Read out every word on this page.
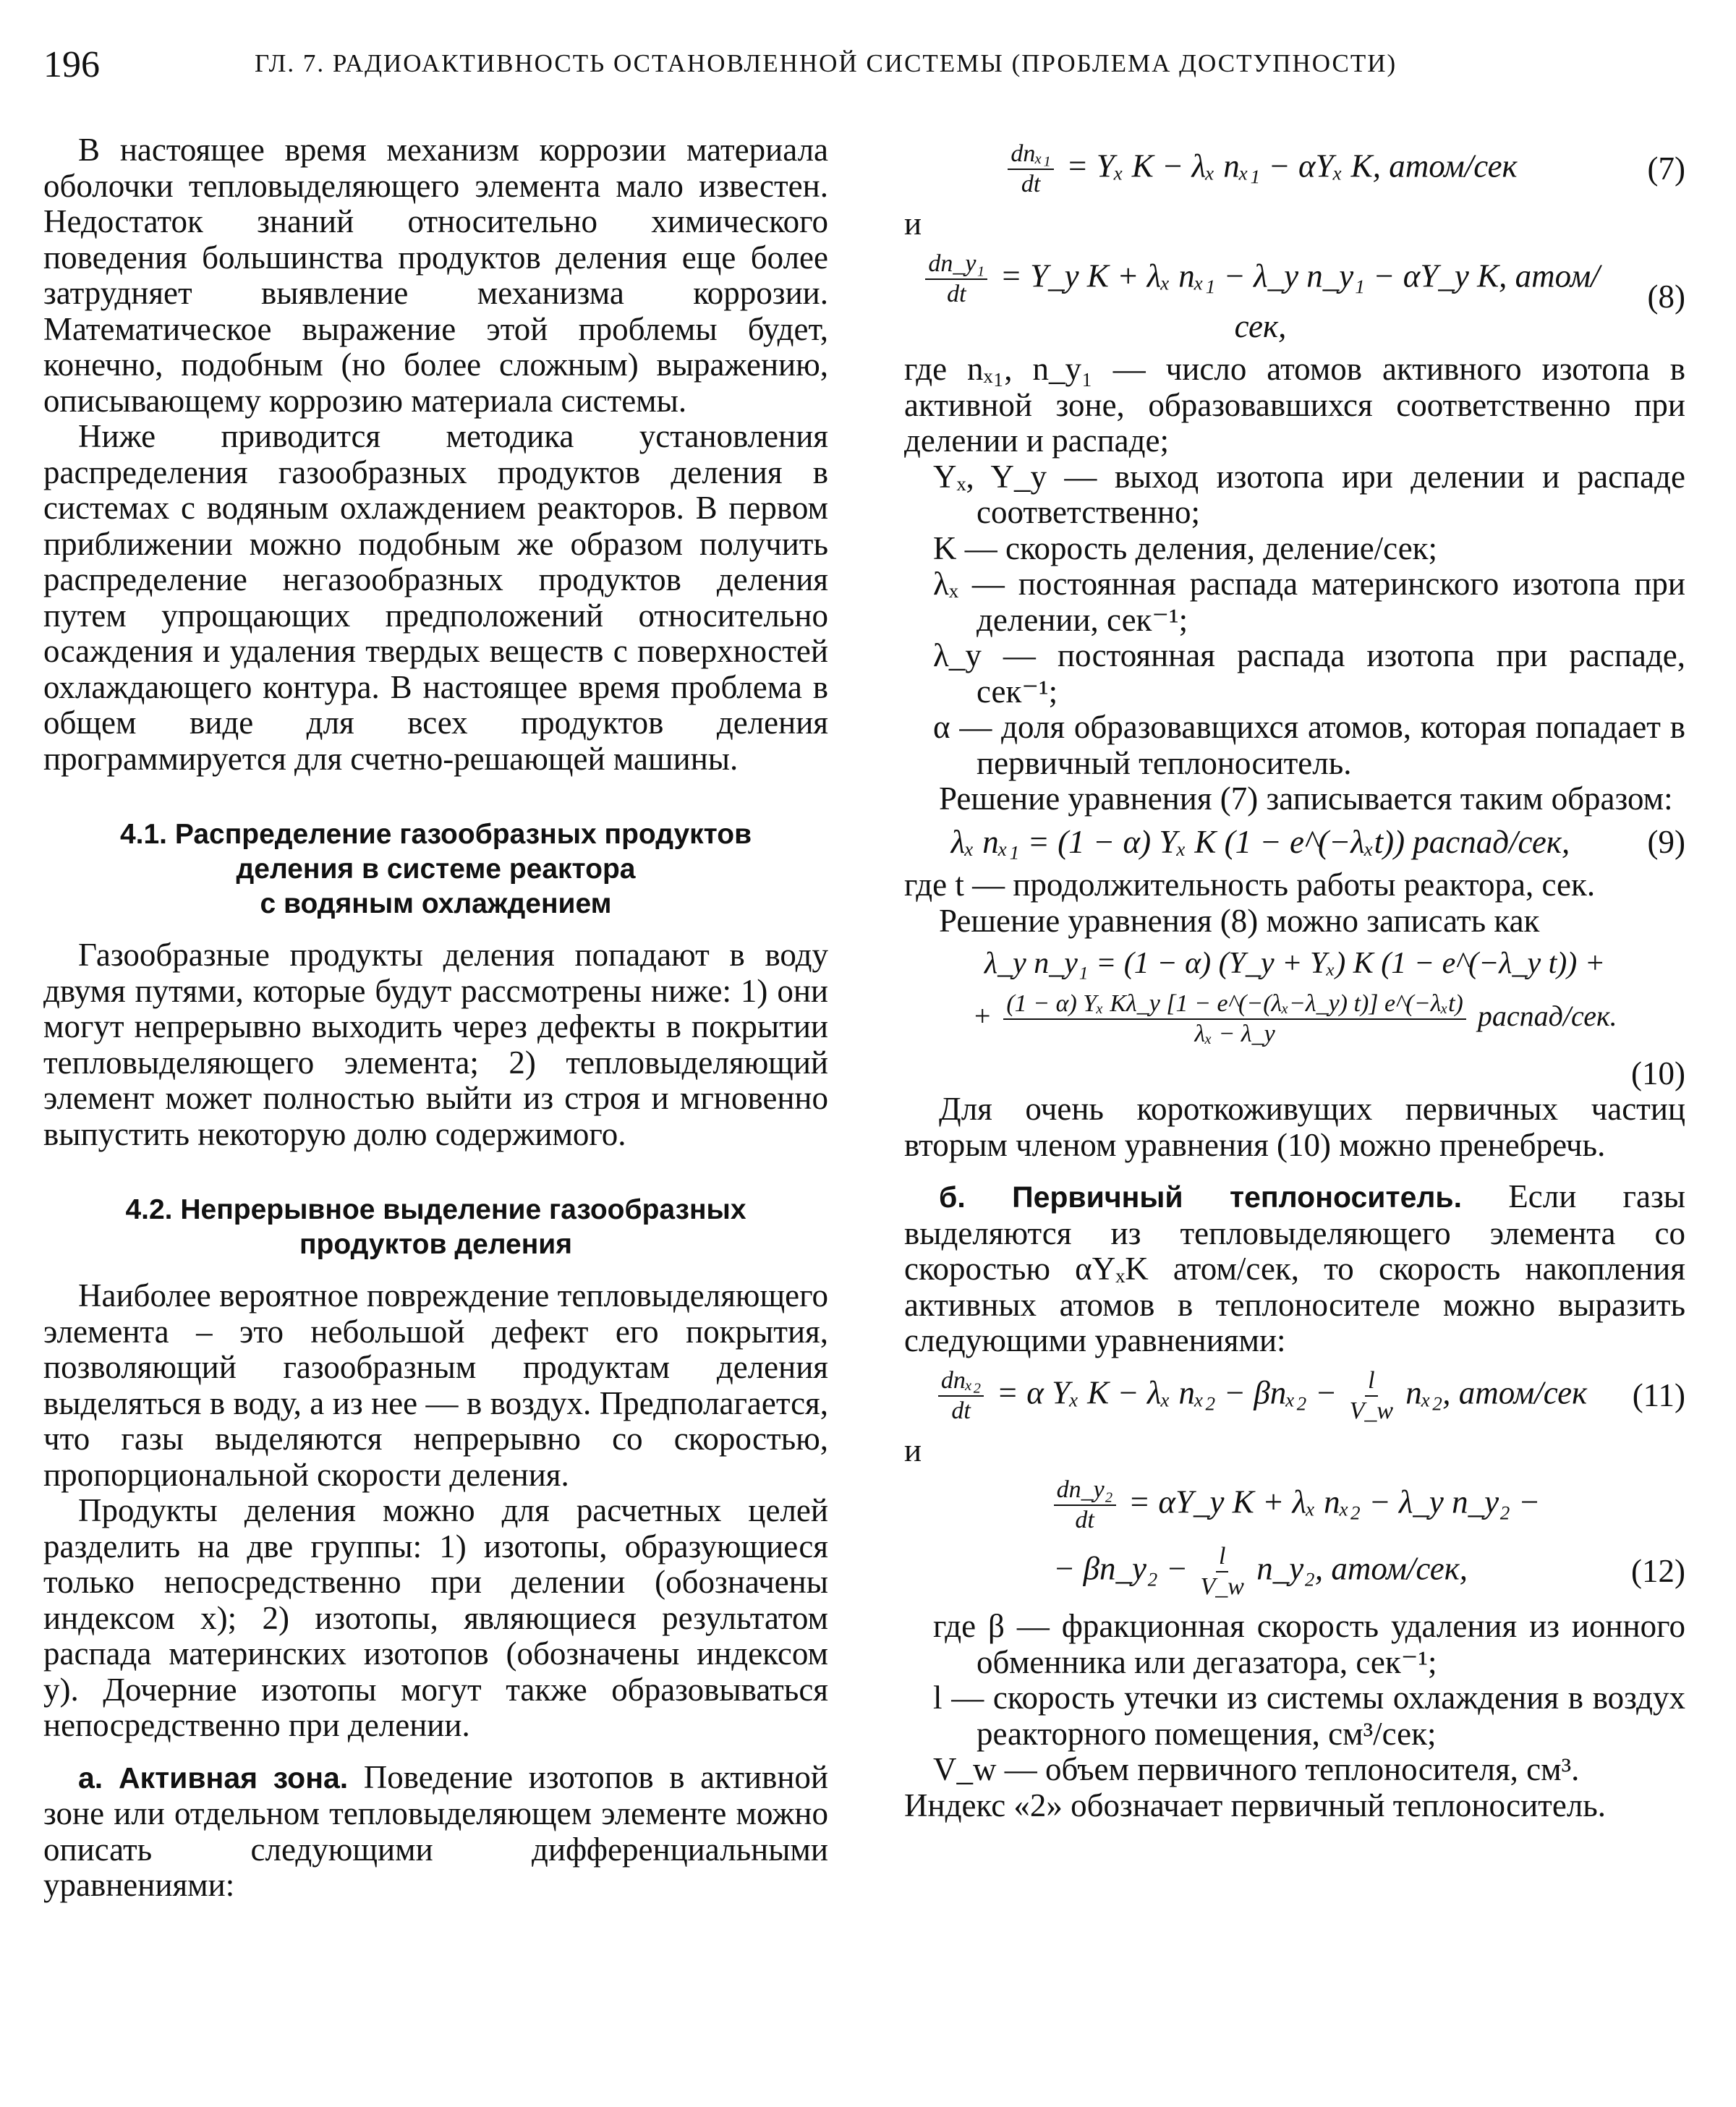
196	ГЛ. 7. РАДИОАКТИВНОСТЬ ОСТАНОВЛЕННОЙ СИСТЕМЫ (ПРОБЛЕМА ДОСТУПНОСТИ)

В настоящее время механизм коррозии материала оболочки тепловыделяющего элемента мало известен. Недостаток знаний относительно химического поведения большинства продуктов деления еще более затрудняет выявление механизма коррозии. Математическое выражение этой проблемы будет, конечно, подобным (но более сложным) выражению, описывающему коррозию материала системы.

Ниже приводится методика установления распределения газообразных продуктов деления в системах с водяным охлаждением реакторов. В первом приближении можно подобным же образом получить распределение негазообразных продуктов деления путем упрощающих предположений относительно осаждения и удаления твердых веществ с поверхностей охлаждающего контура. В настоящее время проблема в общем виде для всех продуктов деления программируется для счетно-решающей машины.

4.1. Распределение газообразных продуктов
деления в системе реактора
с водяным охлаждением

Газообразные продукты деления попадают в воду двумя путями, которые будут рассмотрены ниже: 1) они могут непрерывно выходить через дефекты в покрытии тепловыделяющего элемента; 2) тепловыделяющий элемент может полностью выйти из строя и мгновенно выпустить некоторую долю содержимого.

4.2. Непрерывное выделение газообразных
продуктов деления

Наиболее вероятное повреждение тепловыделяющего элемента – это небольшой дефект его покрытия, позволяющий газообразным продуктам деления выделяться в воду, а из нее — в воздух. Предполагается, что газы выделяются непрерывно со скоростью, пропорциональной скорости деления.

Продукты деления можно для расчетных целей разделить на две группы: 1) изотопы, образующиеся только непосредственно при делении (обозначены индексом x); 2) изотопы, являющиеся результатом распада материнских изотопов (обозначены индексом y). Дочерние изотопы могут также образовываться непосредственно при делении.

а. Активная зона. Поведение изотопов в активной зоне или отдельном тепловыделяющем элементе можно описать следующими дифференциальными уравнениями:

$\frac{\text{dnₓ₁}}{dt} = Y_x$ K − λₓ nₓ₁ − αYₓ K, атом/сек	(7)

и

$\frac{\text{dn\_y₁}}{dt}$ = Y_y K + λₓ nₓ₁ − λ_y n_y₁ − αY_y K, атом/сек,
(8)

где nₓ₁, n_y₁ — число атомов активного изотопа в активной зоне, образовавшихся соответственно при делении и распаде;

Yₓ, Y_y — выход изотопа ири делении и распаде соответственно;

K — скорость деления, деление/сек;

λₓ — постоянная распада материнского изотопа при делении, сек⁻¹;

λ_y — постоянная распада изотопа при распаде, сек⁻¹;

α — доля образовавщихся атомов, которая попадает в первичный теплоноситель.

Решение уравнения (7) записывается таким образом:

λₓ nₓ₁ = (1 − α) Yₓ K (1 − e^(−λₓt)) распад/сек,	(9)

где t — продолжительность работы реактора, сек.

Решение уравнения (8) можно записать как

λ_y n_y₁ = (1 − α) (Y_y + Yₓ) K (1 − e^(−λ_y t)) +
+ $\frac{\text{(1 − α) Yₓ Kλ\_y [1 − e\textasciicircum{}(−(λₓ−λ\_y) t)] e\textasciicircum{}(−λₓt)}}{\text{λₓ − λ\_y}}$ распад/сек.
(10)

Для очень короткоживущих первичных частиц вторым членом уравнения (10) можно пренебречь.

б. Первичный теплоноситель. Если газы выделяются из тепловыделяющего элемента со скоростью αYₓK атом/сек, то скорость накопления активных атомов в теплоносителе можно выразить следующими уравнениями:

$\frac{\text{dnₓ₂}}{dt} = \alpha$ Yₓ K − λₓ $n_{x2} - \beta n_{x2} - \frac{l}{V\_w} n_{x2}$, атом/сек	(11)

и

$\frac{\text{dn\_y₂}}{dt}$ = αY_y K + λₓ nₓ₂ − λ_y n_y₂ −
− βn_y₂ − $\frac{l}{V\_w}$ n_y₂, атом/сек,	(12)

где β — фракционная скорость удаления из ионного обменника или дегазатора, сек⁻¹;

l — скорость утечки из системы охлаждения в воздух реакторного помещения, см³/сек;

V_w — объем первичного теплоносителя, см³.

Индекс «2» обозначает первичный теплоноситель.
